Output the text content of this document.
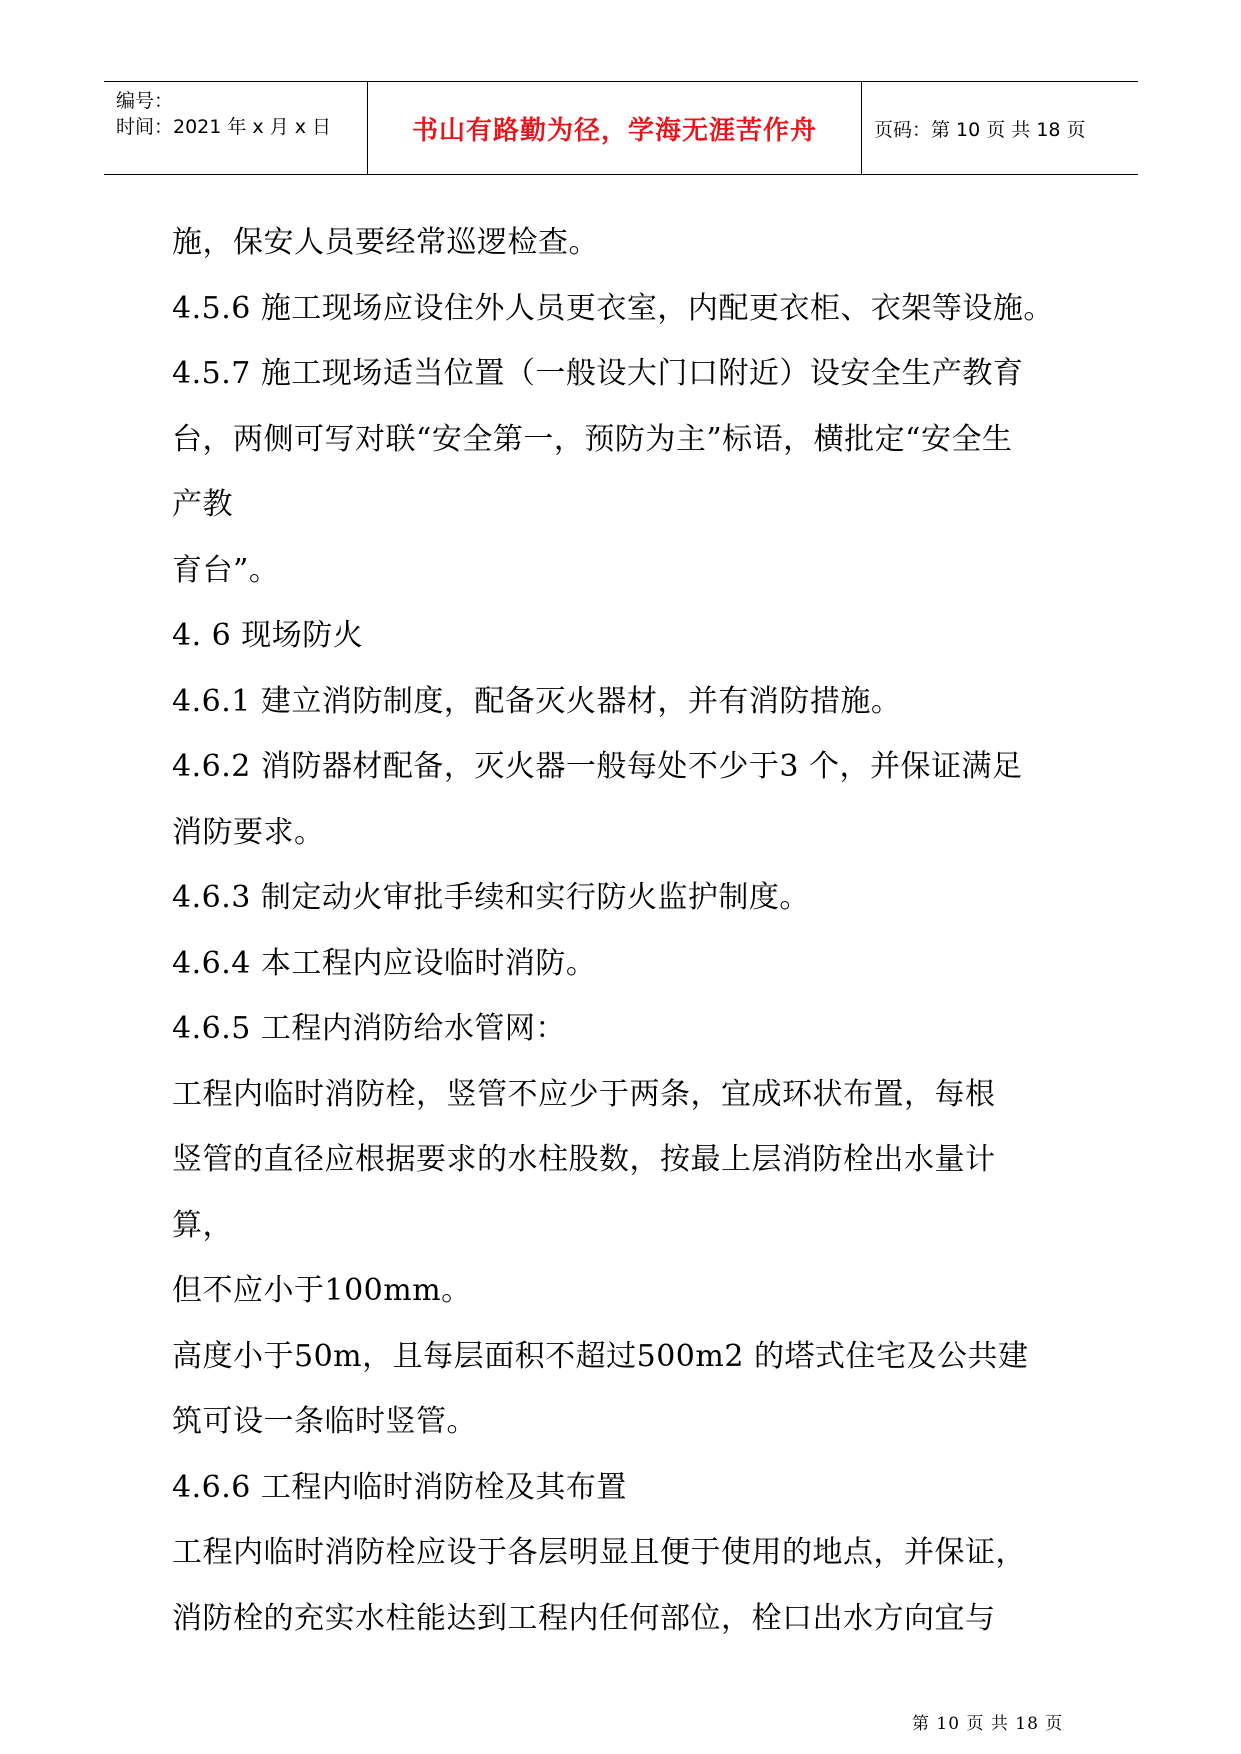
编号：
时间：2021 年 x 月 x 日	书山有路勤为径，学海无涯苦作舟	页码：第 10 页 共 18 页
施，保安人员要经常巡逻检查。
4.5.6 施工现场应设住外人员更衣室，内配更衣柜、衣架等设施。
4.5.7 施工现场适当位置（一般设大门口附近）设安全生产教育
台，两侧可写对联“安全第一，预防为主”标语，横批定“安全生
产教
育台”。
4. 6 现场防火
4.6.1 建立消防制度，配备灭火器材，并有消防措施。
4.6.2 消防器材配备，灭火器一般每处不少于3 个，并保证满足
消防要求。
4.6.3 制定动火审批手续和实行防火监护制度。
4.6.4 本工程内应设临时消防。
4.6.5 工程内消防给水管网：
工程内临时消防栓，竖管不应少于两条，宜成环状布置，每根
竖管的直径应根据要求的水柱股数，按最上层消防栓出水量计
算，
但不应小于100mm。
高度小于50m，且每层面积不超过500m2 的塔式住宅及公共建
筑可设一条临时竖管。
4.6.6 工程内临时消防栓及其布置
工程内临时消防栓应设于各层明显且便于使用的地点，并保证，
消防栓的充实水柱能达到工程内任何部位，栓口出水方向宜与
第 10 页 共 18 页
